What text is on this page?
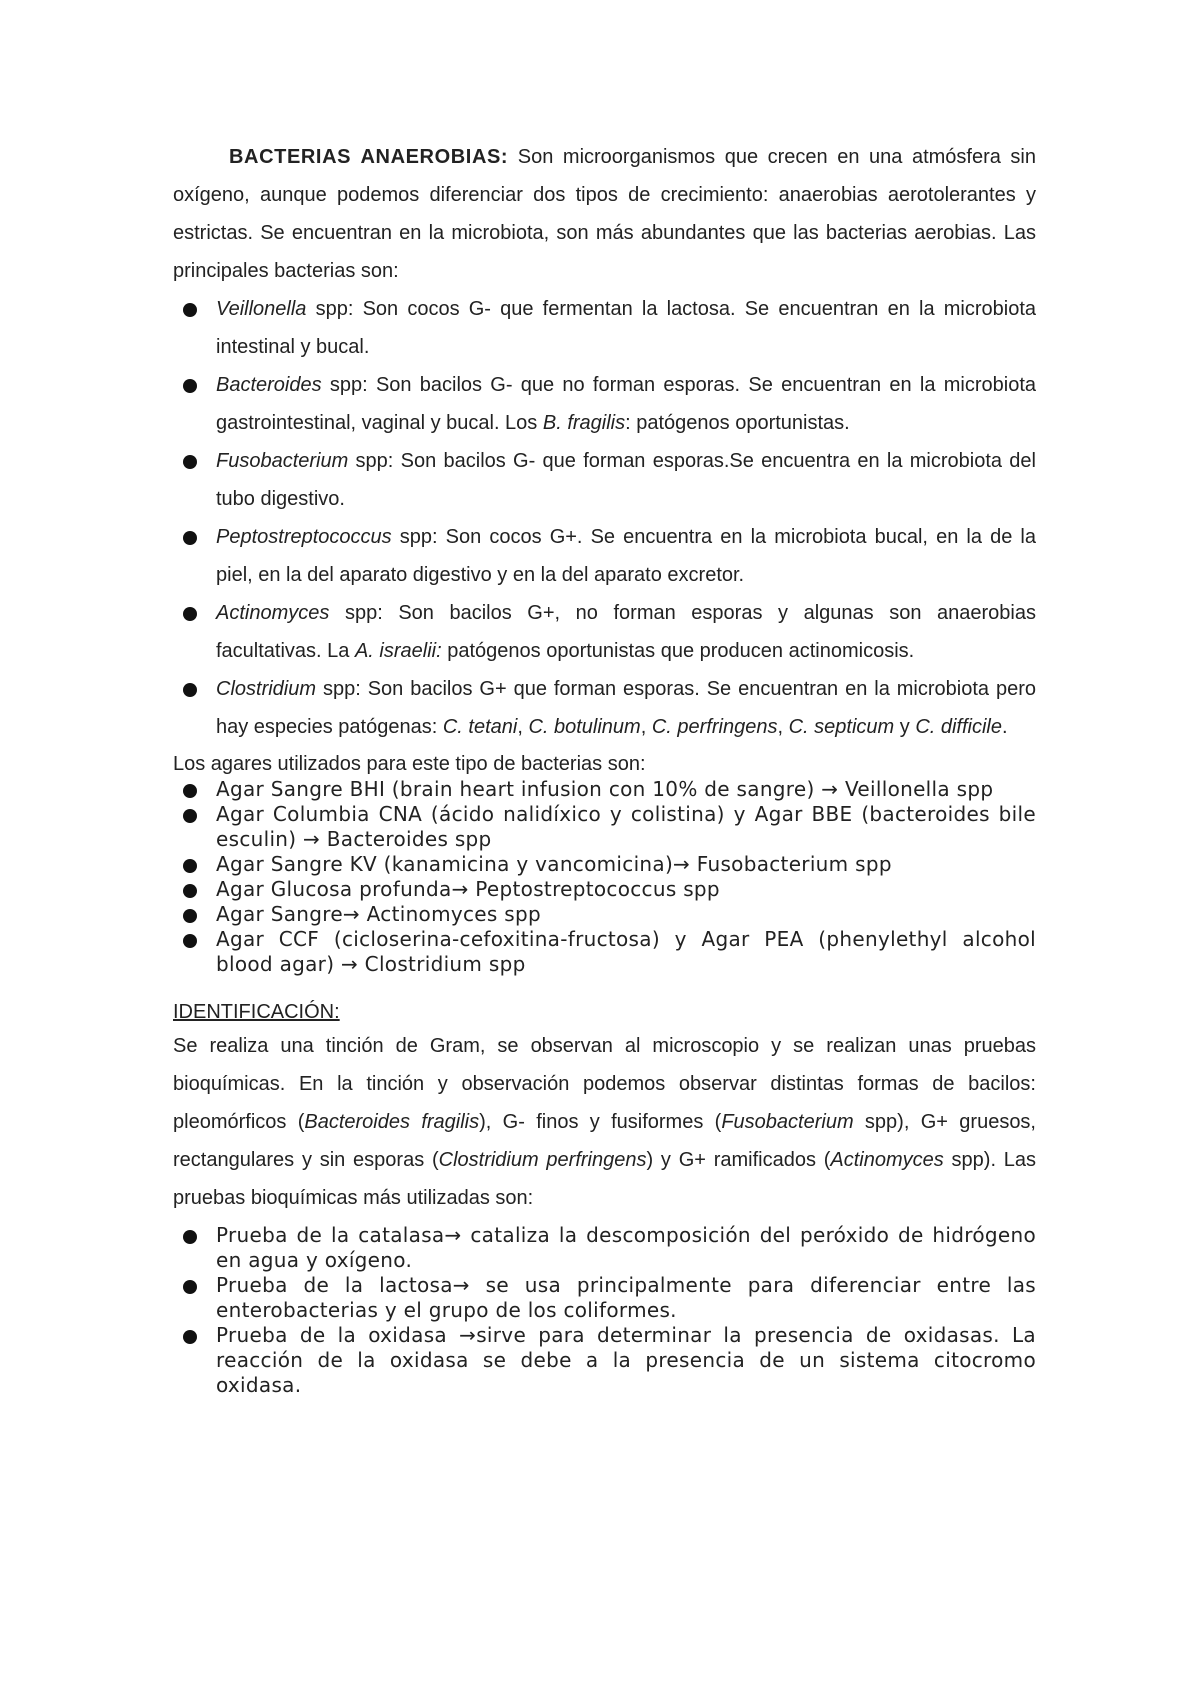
BACTERIAS ANAEROBIAS: Son microorganismos que crecen en una atmósfera sin oxígeno, aunque podemos diferenciar dos tipos de crecimiento: anaerobias aerotolerantes y estrictas. Se encuentran en la microbiota, son más abundantes que las bacterias aerobias. Las principales bacterias son:

Veillonella spp: Son cocos G- que fermentan la lactosa. Se encuentran en la microbiota intestinal y bucal.
Bacteroides spp: Son bacilos G- que no forman esporas. Se encuentran en la microbiota gastrointestinal, vaginal y bucal. Los B. fragilis: patógenos oportunistas.
Fusobacterium spp: Son bacilos G- que forman esporas.Se encuentra en la microbiota del tubo digestivo.
Peptostreptococcus spp: Son cocos G+. Se encuentra en la microbiota bucal, en la de la piel, en la del aparato digestivo y en la del aparato excretor.
Actinomyces spp: Son bacilos G+, no forman esporas y algunas son anaerobias facultativas. La A. israelii: patógenos oportunistas que producen actinomicosis.
Clostridium spp: Son bacilos G+ que forman esporas. Se encuentran en la microbiota pero hay especies patógenas: C. tetani, C. botulinum, C. perfringens, C. septicum y C. difficile.

Los agares utilizados para este tipo de bacterias son:

Agar Sangre BHI (brain heart infusion con 10% de sangre) → Veillonella spp
Agar Columbia CNA (ácido nalidíxico y colistina) y Agar BBE (bacteroides bile esculin) → Bacteroides spp
Agar Sangre KV (kanamicina y vancomicina)→ Fusobacterium spp
Agar Glucosa profunda→ Peptostreptococcus spp
Agar Sangre→ Actinomyces spp
Agar CCF (cicloserina-cefoxitina-fructosa) y Agar PEA (phenylethyl alcohol blood agar) → Clostridium spp

IDENTIFICACIÓN:

Se realiza una tinción de Gram, se observan al microscopio y se realizan unas pruebas bioquímicas. En la tinción y observación podemos observar distintas formas de bacilos: pleomórficos (Bacteroides fragilis), G- finos y fusiformes (Fusobacterium spp), G+ gruesos, rectangulares y sin esporas (Clostridium perfringens) y G+ ramificados (Actinomyces spp). Las pruebas bioquímicas más utilizadas son:

Prueba de la catalasa→ cataliza la descomposición del peróxido de hidrógeno en agua y oxígeno.
Prueba de la lactosa→ se usa principalmente para diferenciar entre las enterobacterias y el grupo de los coliformes.
Prueba de la oxidasa →sirve para determinar la presencia de oxidasas. La reacción de la oxidasa se debe a la presencia de un sistema citocromo oxidasa.
